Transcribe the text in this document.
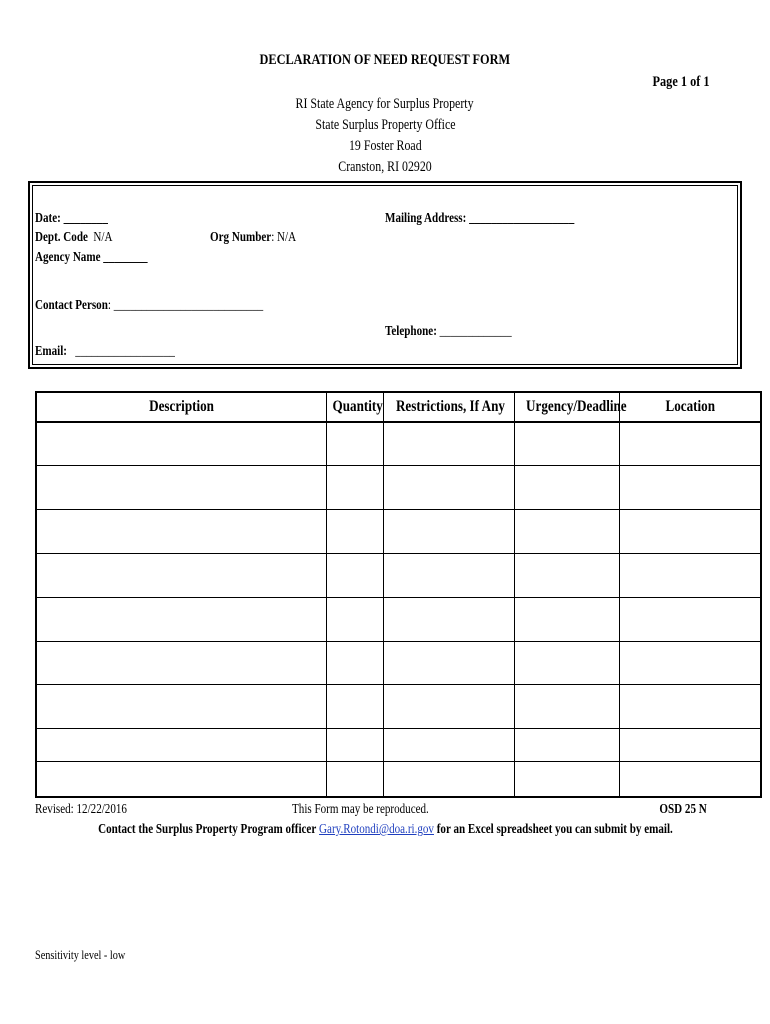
DECLARATION OF NEED REQUEST FORM
Page 1 of 1
RI State Agency for Surplus Property
State Surplus Property Office
19 Foster Road
Cranston, RI 02920
Date: ________	Mailing Address: ___________________
Dept. Code N/A	Org Number: N/A
Agency Name ________
Contact Person: ___________________________
Telephone: _____________
Email: __________________
Description	Quantity	Restrictions, If Any	Urgency/Deadline	Location

Revised: 12/22/2016	This Form may be reproduced.	OSD 25 N
Contact the Surplus Property Program officer Gary.Rotondi@doa.ri.gov for an Excel spreadsheet you can submit by email.
Sensitivity level - low
